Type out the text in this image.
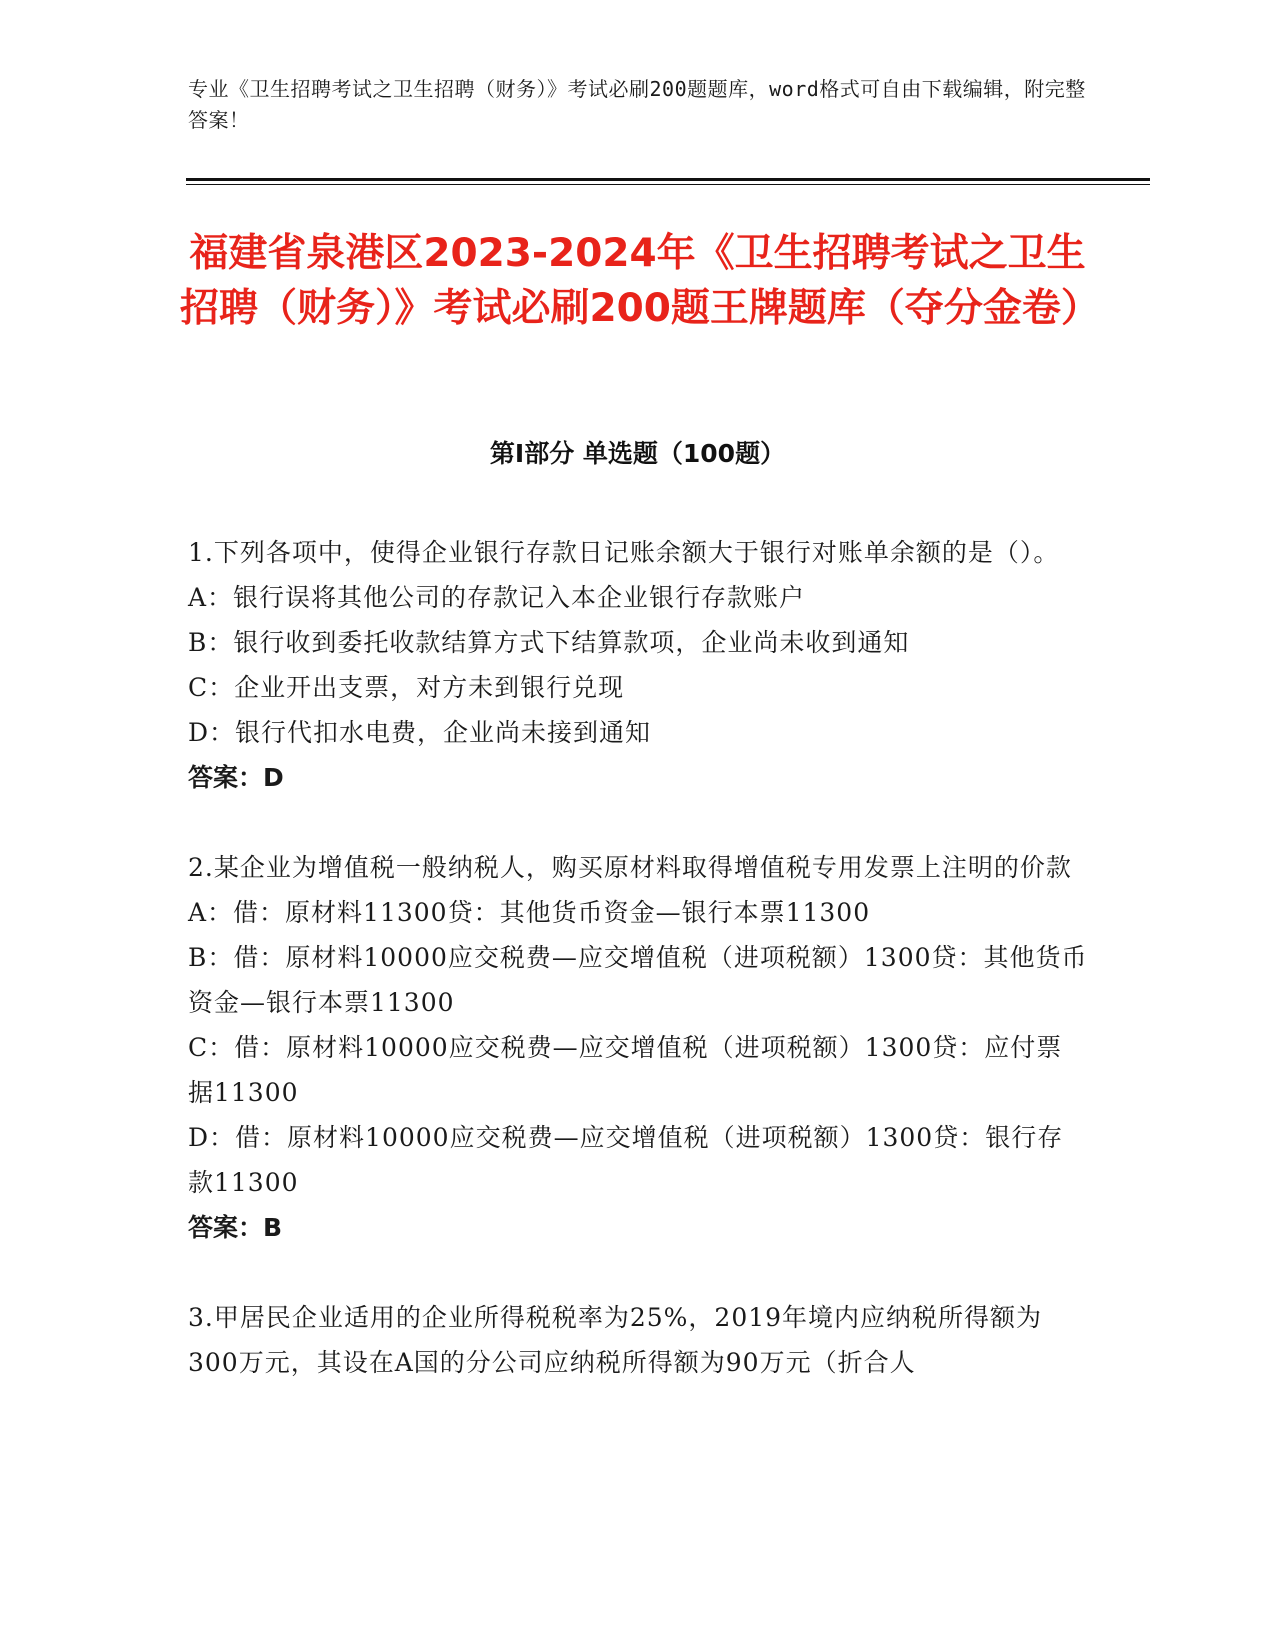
专业《卫生招聘考试之卫生招聘（财务）》考试必刷200题题库，word格式可自由下载编辑，附完整答案！
福建省泉港区2023-2024年《卫生招聘考试之卫生招聘（财务）》考试必刷200题王牌题库（夺分金卷）
第I部分 单选题（100题）

1.下列各项中，使得企业银行存款日记账余额大于银行对账单余额的是（）。

A：银行误将其他公司的存款记入本企业银行存款账户

B：银行收到委托收款结算方式下结算款项，企业尚未收到通知

C：企业开出支票，对方未到银行兑现

D：银行代扣水电费，企业尚未接到通知

答案：D

2.某企业为增值税一般纳税人，购买原材料取得增值税专用发票上注明的价款

A：借：原材料11300贷：其他货币资金—银行本票11300

B：借：原材料10000应交税费—应交增值税（进项税额）1300贷：其他货币资金—银行本票11300

C：借：原材料10000应交税费—应交增值税（进项税额）1300贷：应付票据11300

D：借：原材料10000应交税费—应交增值税（进项税额）1300贷：银行存款11300

答案：B

3.甲居民企业适用的企业所得税税率为25%，2019年境内应纳税所得额为300万元，其设在A国的分公司应纳税所得额为90万元（折合人
